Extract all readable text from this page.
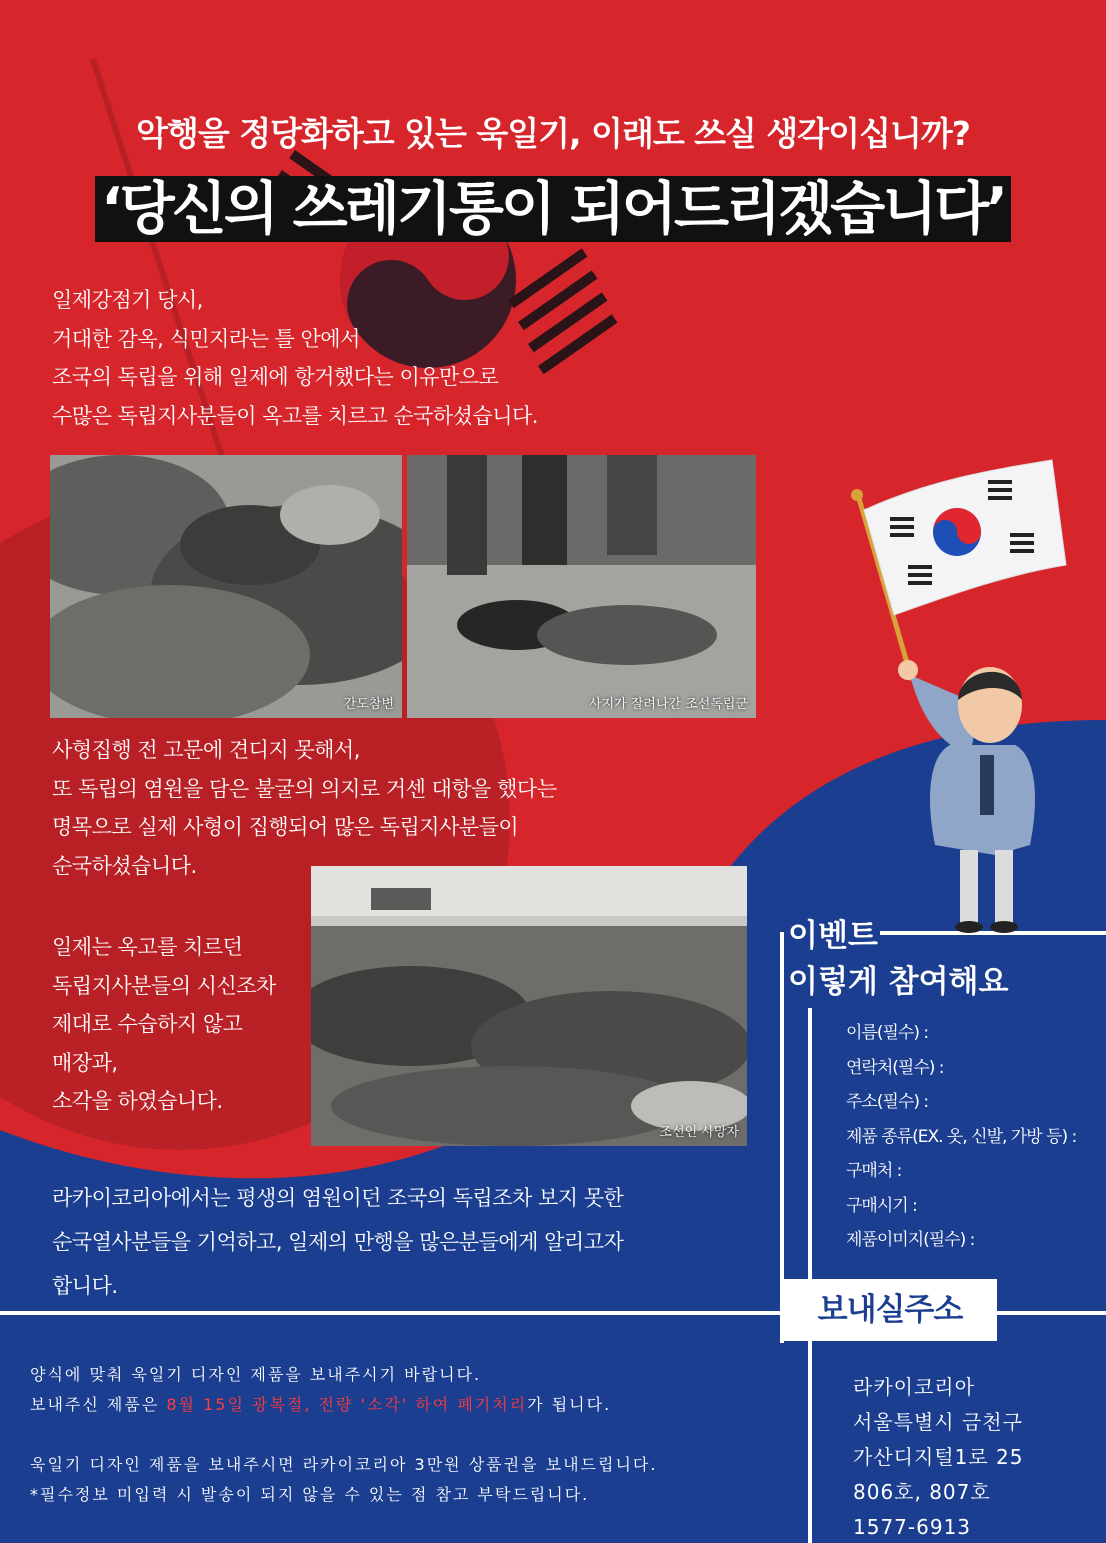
악행을 정당화하고 있는 욱일기, 이래도 쓰실 생각이십니까?
‘당신의 쓰레기통이 되어드리겠습니다’
일제강점기 당시,
거대한 감옥, 식민지라는 틀 안에서
조국의 독립을 위해 일제에 항거했다는 이유만으로
수많은 독립지사분들이 옥고를 치르고 순국하셨습니다.
간도참변	사지가 잘려나간 조선독립군
사형집행 전 고문에 견디지 못해서,
또 독립의 염원을 담은 불굴의 의지로 거센 대항을 했다는
명목으로 실제 사형이 집행되어 많은 독립지사분들이
순국하셨습니다.
조선인 사망자
일제는 옥고를 치르던
독립지사분들의 시신조차
제대로 수습하지 않고
매장과,
소각을 하였습니다.
라카이코리아에서는 평생의 염원이던 조국의 독립조차 보지 못한
순국열사분들을 기억하고, 일제의 만행을 많은분들에게 알리고자
합니다.
이벤트
이렇게 참여해요
이름(필수) :
연락처(필수) :
주소(필수) :
제품 종류(EX. 옷, 신발, 가방 등) :
구매처 :
구매시기 :
제품이미지(필수) :
보내실주소
양식에 맞춰 욱일기 디자인 제품을 보내주시기 바랍니다.
보내주신 제품은 8월 15일 광복절, 전량 '소각' 하여 폐기처리가 됩니다.
욱일기 디자인 제품을 보내주시면 라카이코리아 3만원 상품권을 보내드립니다.
*필수정보 미입력 시 발송이 되지 않을 수 있는 점 참고 부탁드립니다.
라카이코리아
서울특별시 금천구
가산디지털1로 25
806호, 807호
1577-6913
